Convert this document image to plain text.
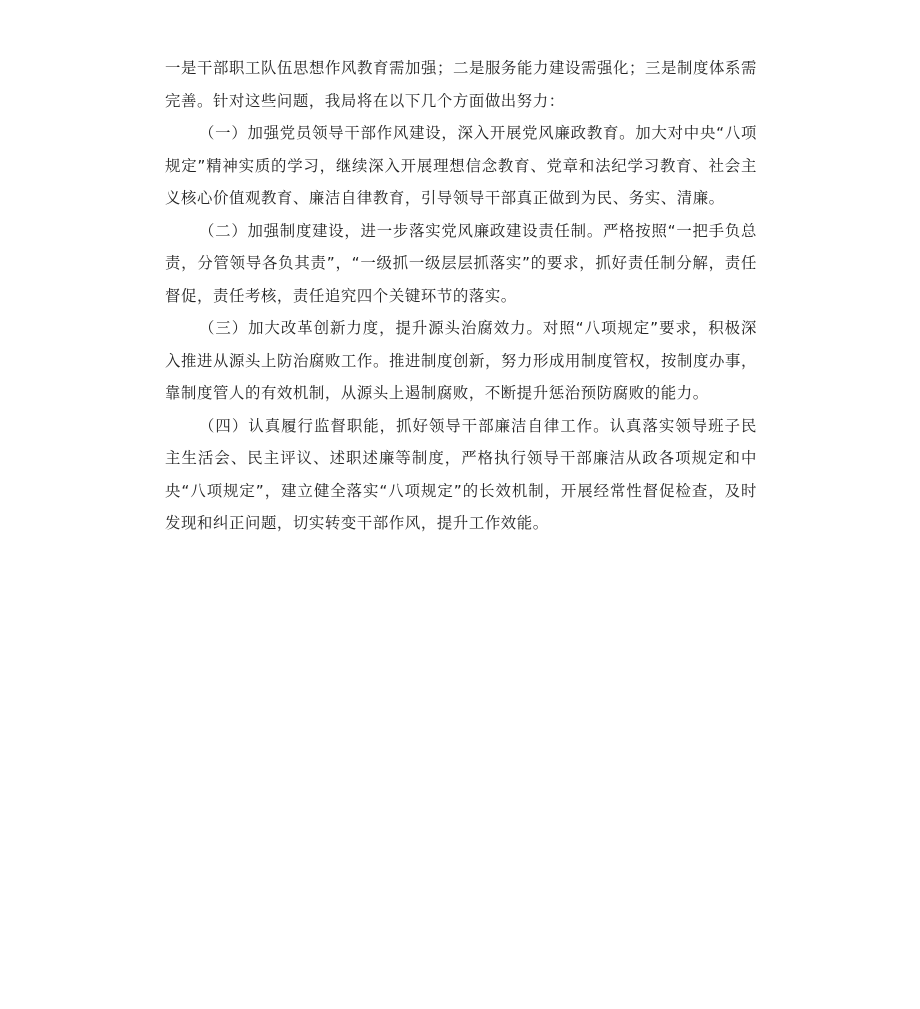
一是干部职工队伍思想作风教育需加强；二是服务能力建设需强化；三是制度体系需完善。针对这些问题，我局将在以下几个方面做出努力：

（一）加强党员领导干部作风建设，深入开展党风廉政教育。加大对中央“八项规定”精神实质的学习，继续深入开展理想信念教育、党章和法纪学习教育、社会主义核心价值观教育、廉洁自律教育，引导领导干部真正做到为民、务实、清廉。

（二）加强制度建设，进一步落实党风廉政建设责任制。严格按照“一把手负总责，分管领导各负其责”，“一级抓一级层层抓落实”的要求，抓好责任制分解，责任督促，责任考核，责任追究四个关键环节的落实。

（三）加大改革创新力度，提升源头治腐效力。对照“八项规定”要求，积极深入推进从源头上防治腐败工作。推进制度创新，努力形成用制度管权，按制度办事，靠制度管人的有效机制，从源头上遏制腐败，不断提升惩治预防腐败的能力。

（四）认真履行监督职能，抓好领导干部廉洁自律工作。认真落实领导班子民主生活会、民主评议、述职述廉等制度，严格执行领导干部廉洁从政各项规定和中央“八项规定”，建立健全落实“八项规定”的长效机制，开展经常性督促检查，及时发现和纠正问题，切实转变干部作风，提升工作效能。
